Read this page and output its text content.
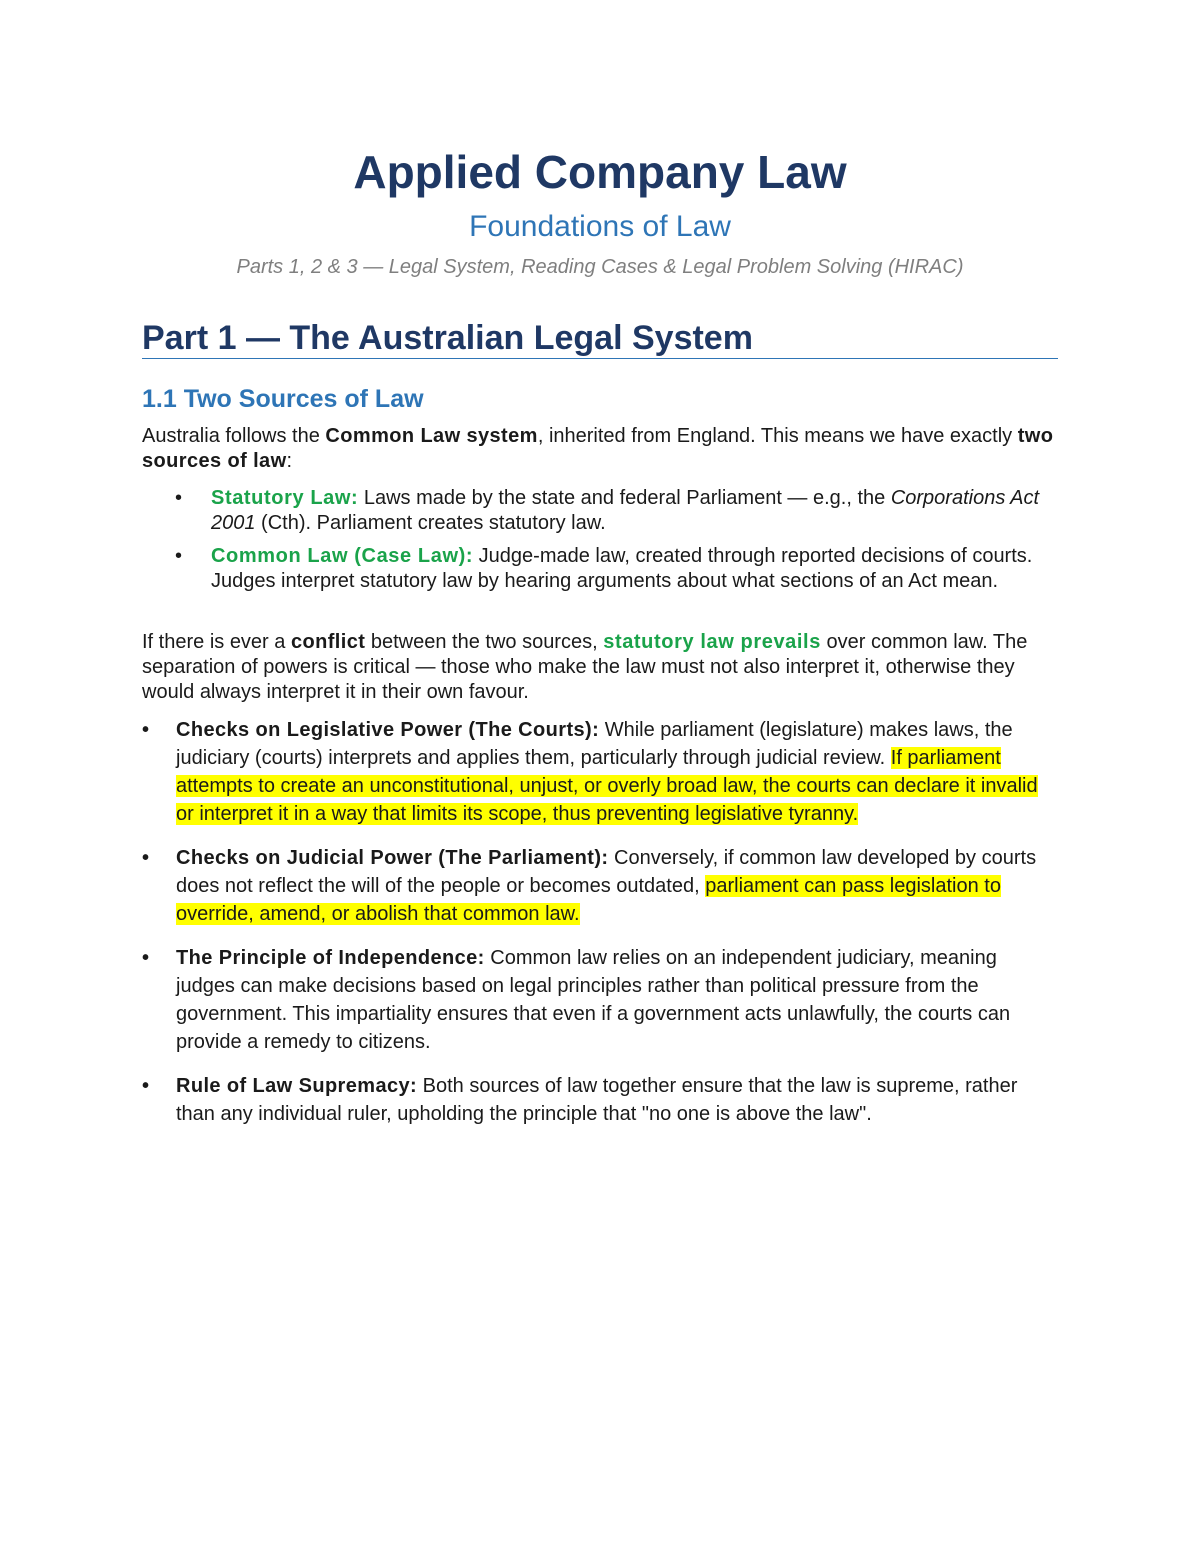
Applied Company Law
Foundations of Law
Parts 1, 2 & 3 — Legal System, Reading Cases & Legal Problem Solving (HIRAC)
Part 1 — The Australian Legal System
1.1 Two Sources of Law

Australia follows the Common Law system, inherited from England. This means we have exactly two sources of law:

• Statutory Law: Laws made by the state and federal Parliament — e.g., the Corporations Act 2001 (Cth). Parliament creates statutory law.
• Common Law (Case Law): Judge-made law, created through reported decisions of courts. Judges interpret statutory law by hearing arguments about what sections of an Act mean.

If there is ever a conflict between the two sources, statutory law prevails over common law. The separation of powers is critical — those who make the law must not also interpret it, otherwise they would always interpret it in their own favour.

• Checks on Legislative Power (The Courts): While parliament (legislature) makes laws, the judiciary (courts) interprets and applies them, particularly through judicial review. If parliament attempts to create an unconstitutional, unjust, or overly broad law, the courts can declare it invalid or interpret it in a way that limits its scope, thus preventing legislative tyranny.
• Checks on Judicial Power (The Parliament): Conversely, if common law developed by courts does not reflect the will of the people or becomes outdated, parliament can pass legislation to override, amend, or abolish that common law.
• The Principle of Independence: Common law relies on an independent judiciary, meaning judges can make decisions based on legal principles rather than political pressure from the government. This impartiality ensures that even if a government acts unlawfully, the courts can provide a remedy to citizens.
• Rule of Law Supremacy: Both sources of law together ensure that the law is supreme, rather than any individual ruler, upholding the principle that "no one is above the law".
